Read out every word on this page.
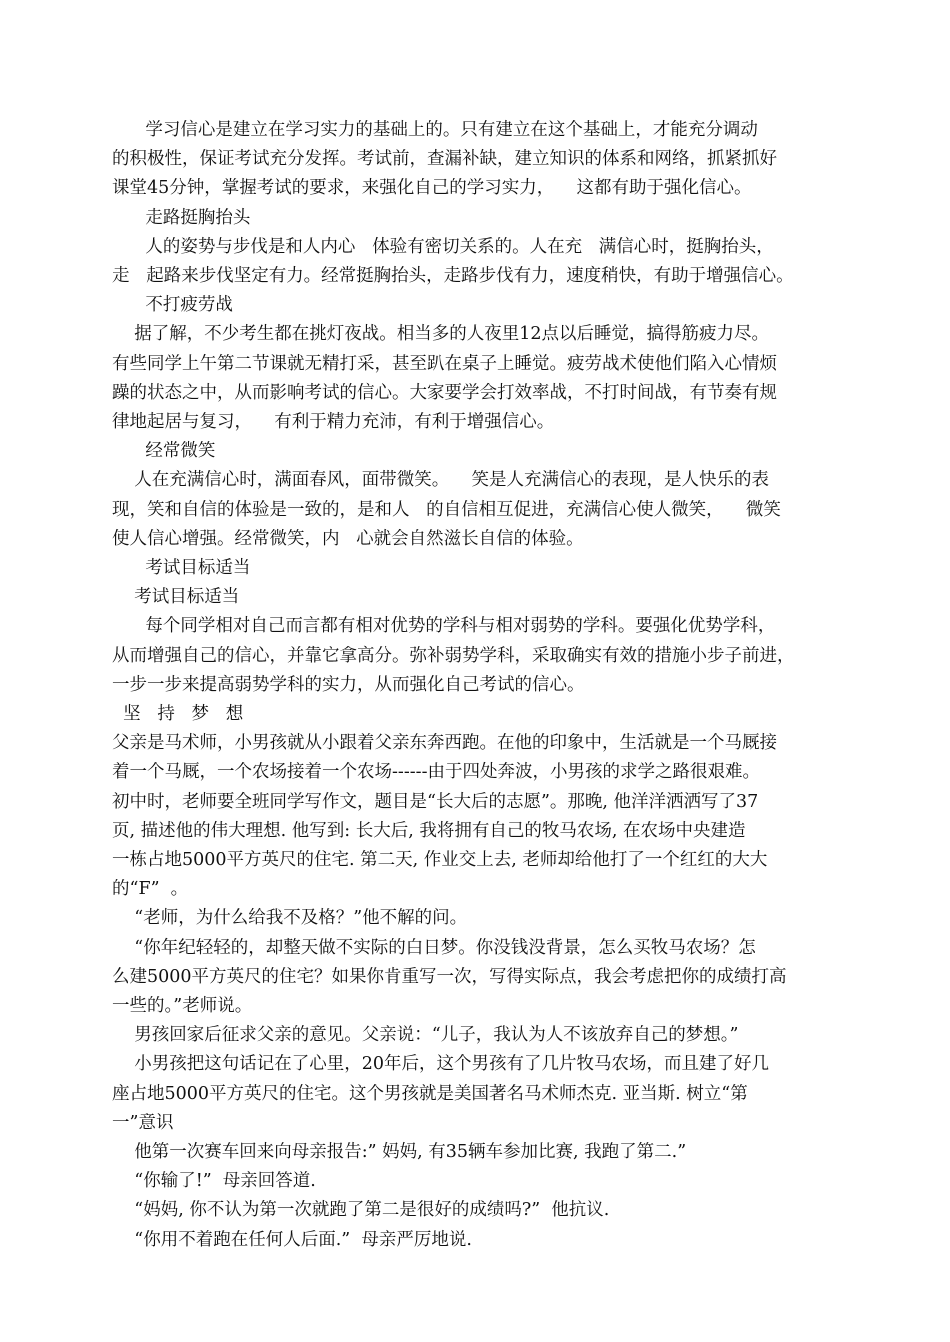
学习信心是建立在学习实力的基础上的。只有建立在这个基础上，才能充分调动
的积极性，保证考试充分发挥。考试前，查漏补缺，建立知识的体系和网络，抓紧抓好
课堂45分钟，掌握考试的要求，来强化自己的学习实力，    这都有助于强化信心。
走路挺胸抬头
人的姿势与步伐是和人内心   体验有密切关系的。人在充   满信心时，挺胸抬头，
走   起路来步伐坚定有力。经常挺胸抬头，走路步伐有力，速度稍快，有助于增强信心。
不打疲劳战
据了解，不少考生都在挑灯夜战。相当多的人夜里12点以后睡觉，搞得筋疲力尽。
有些同学上午第二节课就无精打采，甚至趴在桌子上睡觉。疲劳战术使他们陷入心情烦
躁的状态之中，从而影响考试的信心。大家要学会打效率战，不打时间战，有节奏有规
律地起居与复习，    有利于精力充沛，有利于增强信心。
经常微笑
人在充满信心时，满面春风，面带微笑。    笑是人充满信心的表现，是人快乐的表
现，笑和自信的体验是一致的，是和人   的自信相互促进，充满信心使人微笑，    微笑
使人信心增强。经常微笑，内   心就会自然滋长自信的体验。
考试目标适当
考试目标适当
每个同学相对自己而言都有相对优势的学科与相对弱势的学科。要强化优势学科，
从而增强自己的信心，并靠它拿高分。弥补弱势学科，采取确实有效的措施小步子前进，
一步一步来提高弱势学科的实力，从而强化自己考试的信心。
坚   持   梦   想
父亲是马术师，小男孩就从小跟着父亲东奔西跑。在他的印象中，生活就是一个马厩接
着一个马厩，一个农场接着一个农场------由于四处奔波，小男孩的求学之路很艰难。
初中时，老师要全班同学写作文，题目是“长大后的志愿”。那晚, 他洋洋洒洒写了37
页, 描述他的伟大理想. 他写到: 长大后, 我将拥有自己的牧马农场, 在农场中央建造
一栋占地5000平方英尺的住宅. 第二天, 作业交上去, 老师却给他打了一个红红的大大
的“F”  。
“老师，为什么给我不及格？”他不解的问。
“你年纪轻轻的，却整天做不实际的白日梦。你没钱没背景，怎么买牧马农场？怎
么建5000平方英尺的住宅？如果你肯重写一次，写得实际点，我会考虑把你的成绩打高
一些的。”老师说。
男孩回家后征求父亲的意见。父亲说：“儿子，我认为人不该放弃自己的梦想。”
小男孩把这句话记在了心里，20年后，这个男孩有了几片牧马农场，而且建了好几
座占地5000平方英尺的住宅。这个男孩就是美国著名马术师杰克. 亚当斯. 树立“第
一”意识
他第一次赛车回来向母亲报告:” 妈妈, 有35辆车参加比赛, 我跑了第二.”
“你输了!”  母亲回答道.
“妈妈, 你不认为第一次就跑了第二是很好的成绩吗?”  他抗议.
“你用不着跑在任何人后面.”  母亲严厉地说.
